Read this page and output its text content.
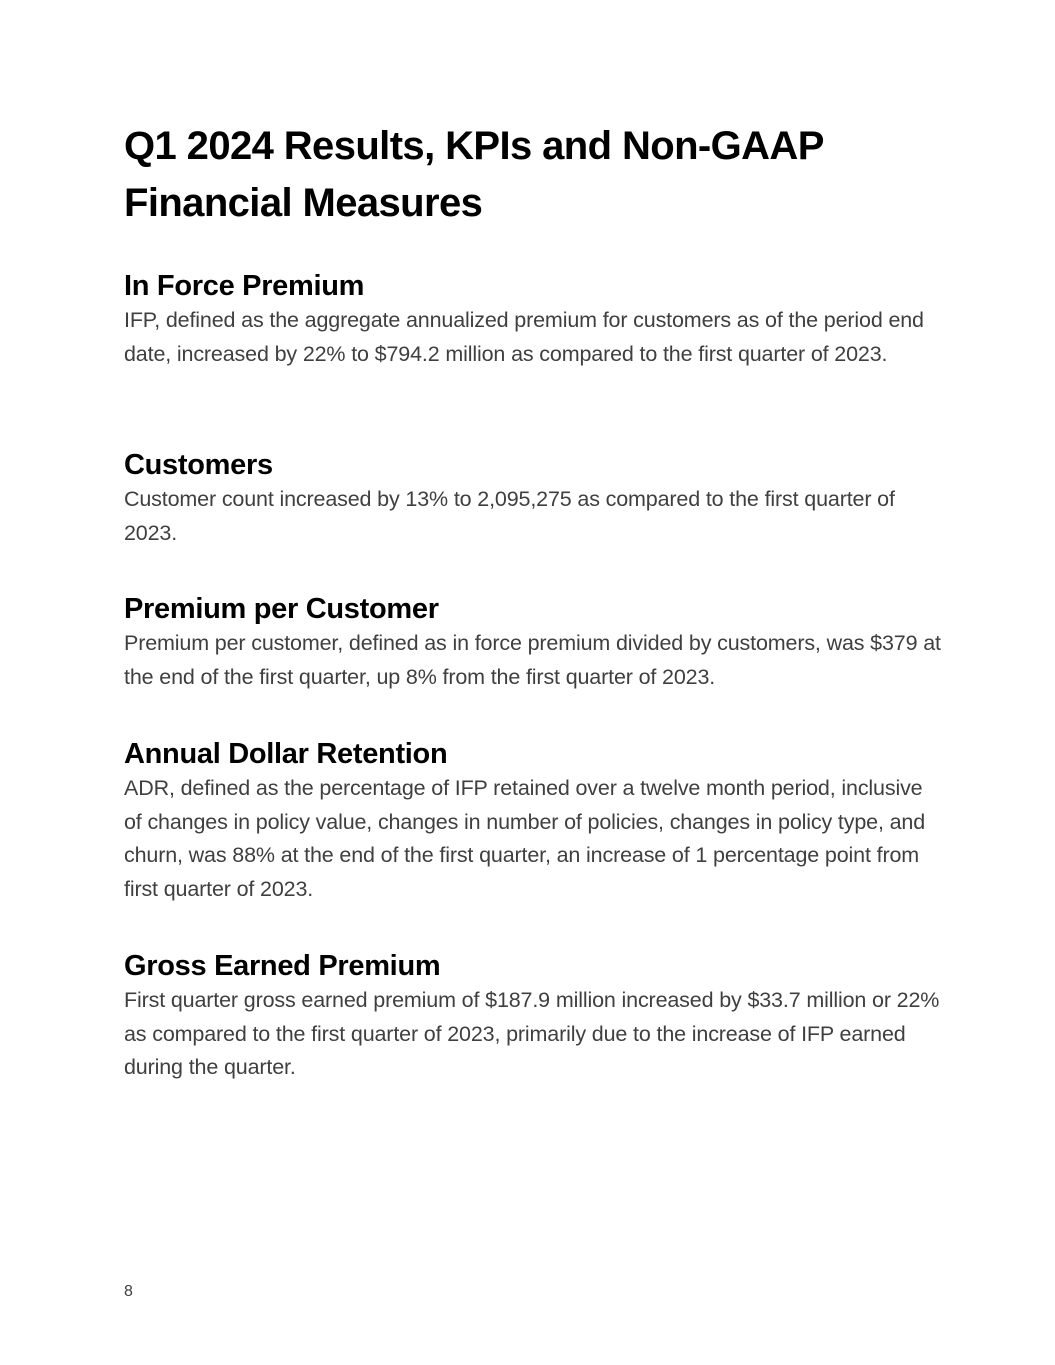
Q1 2024 Results, KPIs and Non-GAAP Financial Measures
In Force Premium

IFP, defined as the aggregate annualized premium for customers as of the period end date, increased by 22% to $794.2 million as compared to the first quarter of 2023.

Customers

Customer count increased by 13% to 2,095,275 as compared to the first quarter of 2023.

Premium per Customer

Premium per customer, defined as in force premium divided by customers, was $379 at the end of the first quarter, up 8% from the first quarter of 2023.

Annual Dollar Retention

ADR, defined as the percentage of IFP retained over a twelve month period, inclusive of changes in policy value, changes in number of policies, changes in policy type, and churn, was 88% at the end of the first quarter, an increase of 1 percentage point from first quarter of 2023.

Gross Earned Premium

First quarter gross earned premium of $187.9 million increased by $33.7 million or 22% as compared to the first quarter of 2023, primarily due to the increase of IFP earned during the quarter.

8
